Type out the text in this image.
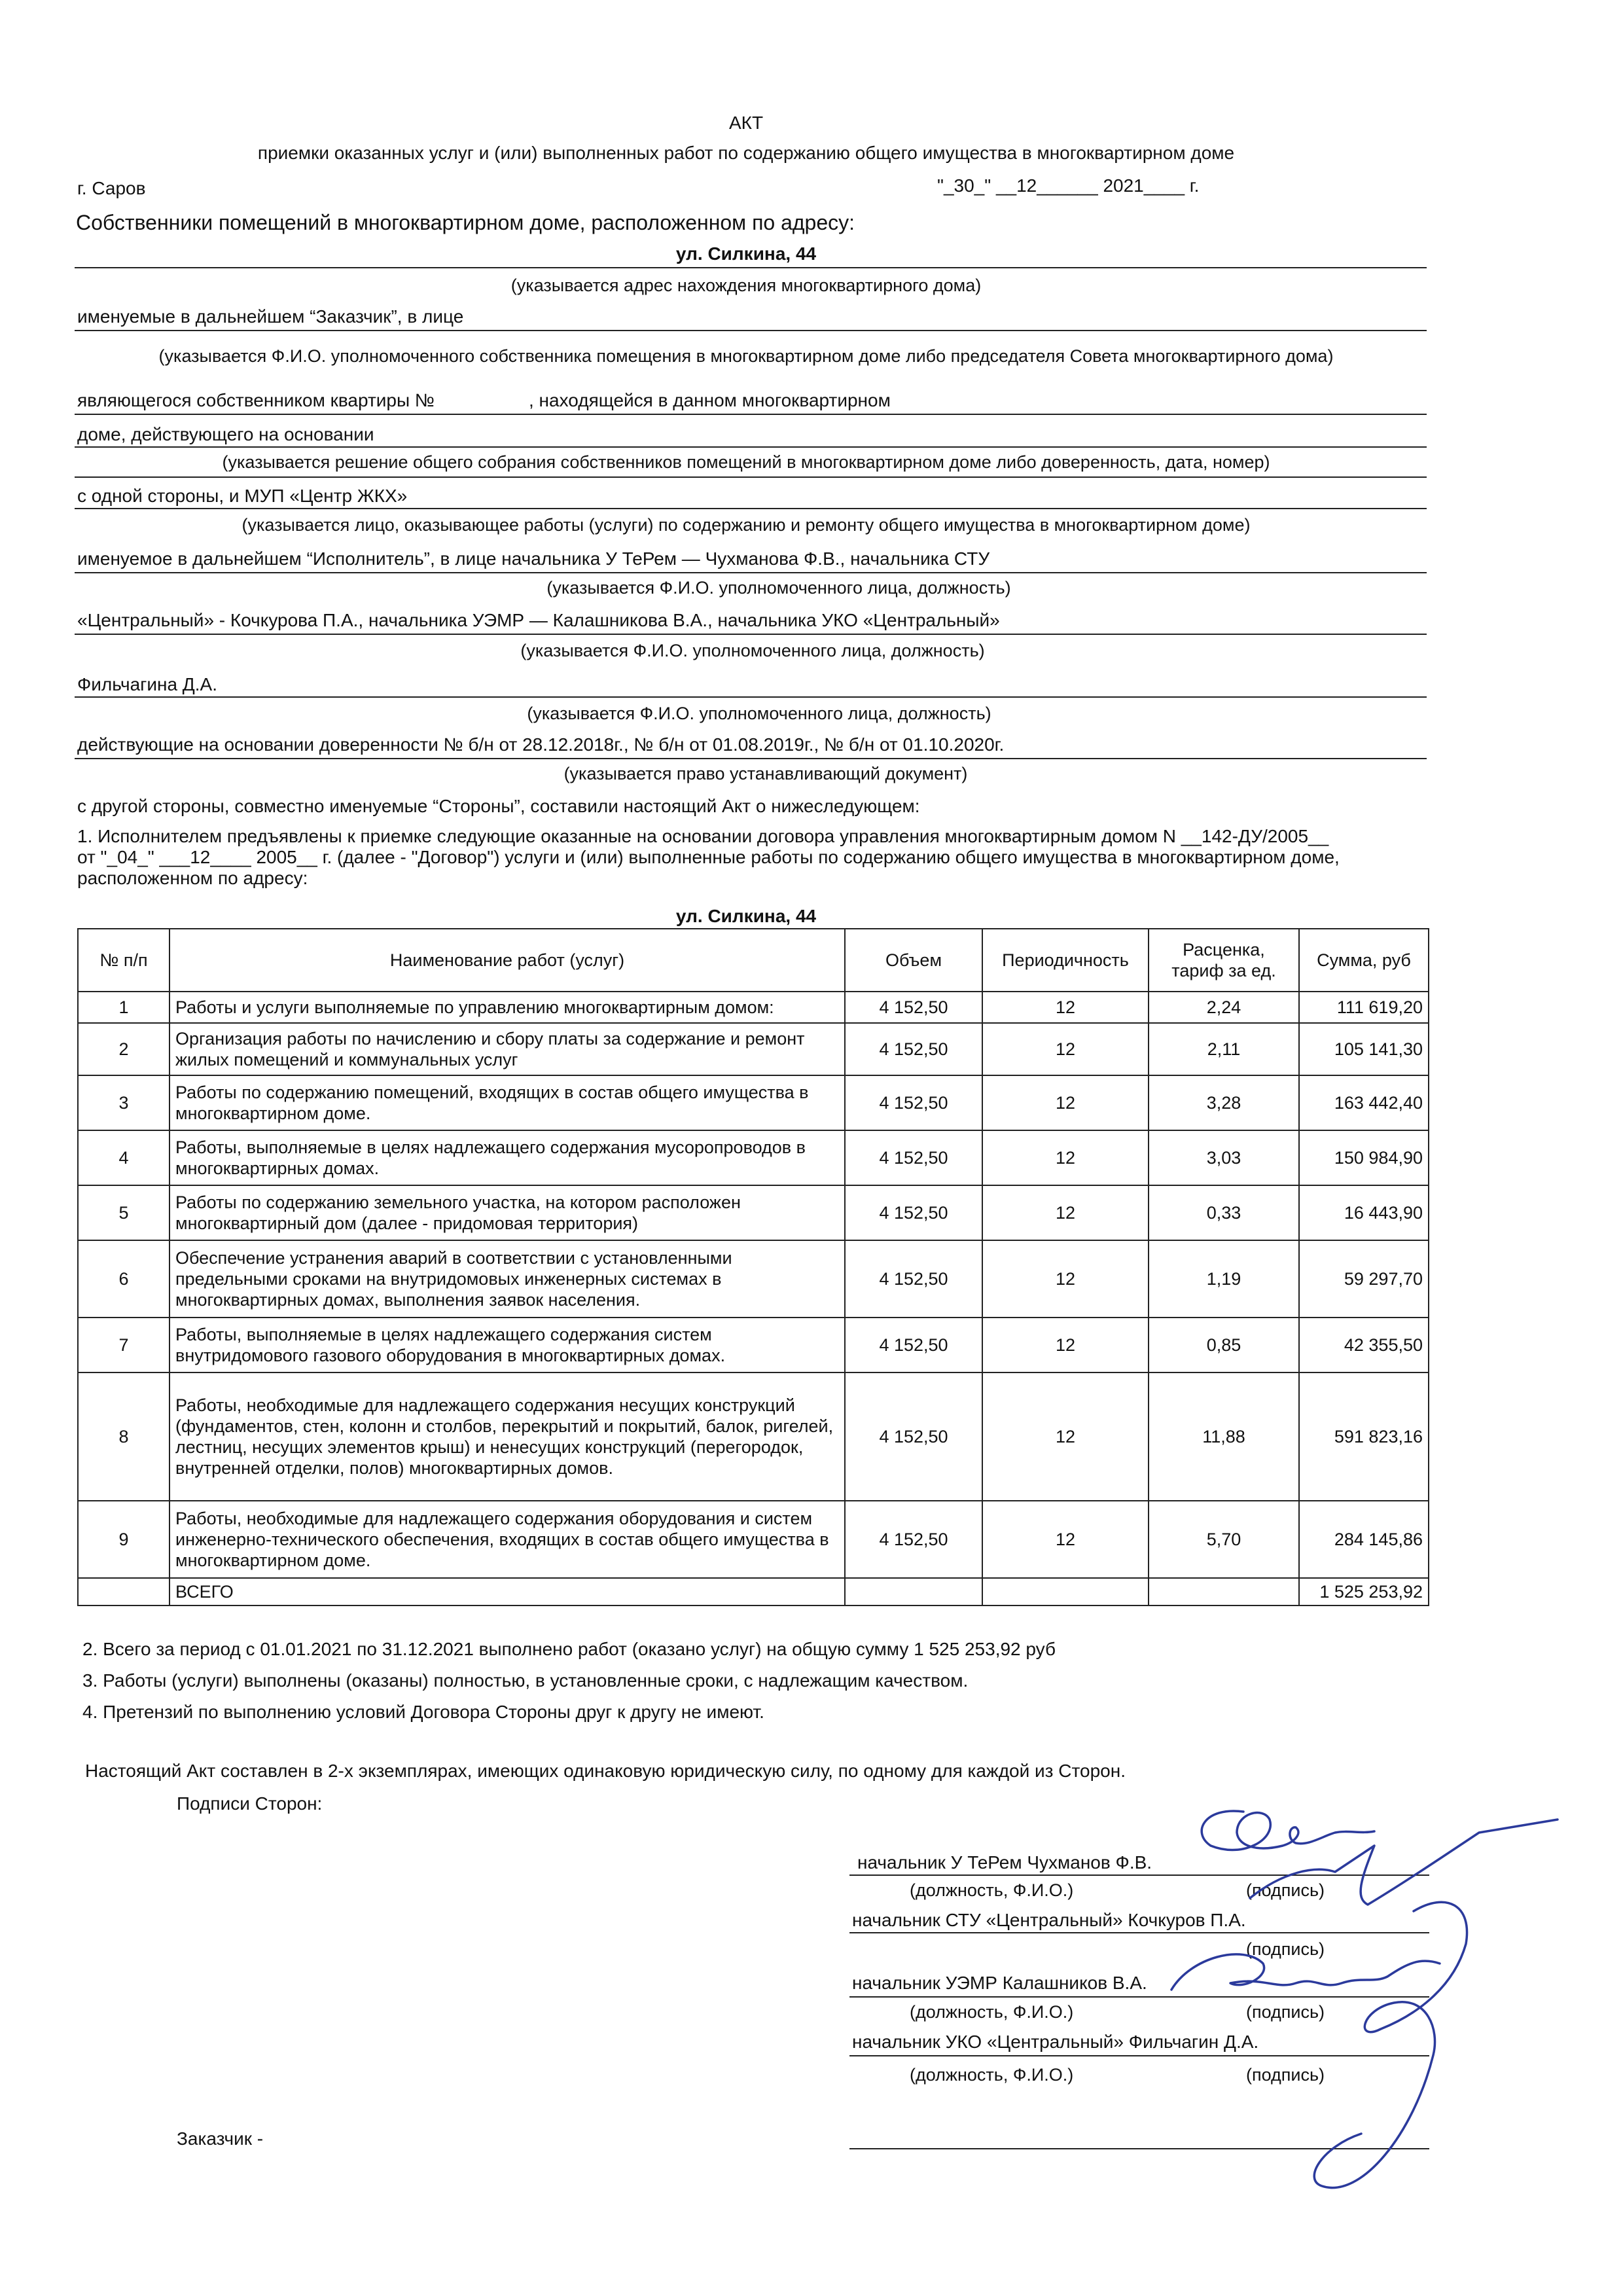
АКТ
приемки оказанных услуг и (или) выполненных работ по содержанию общего имущества в многоквартирном доме
г. Саров	"_30_" __12______ 2021____ г.
Собственники помещений в многоквартирном доме, расположенном по адресу:
ул. Силкина, 44
(указывается адрес нахождения многоквартирного дома)
именуемые в дальнейшем “Заказчик”, в лице
(указывается Ф.И.О. уполномоченного собственника помещения в многоквартирном доме либо председателя Совета многоквартирного дома)
являющегося собственником квартиры №	, находящейся в данном многоквартирном
доме, действующего на основании
(указывается решение общего собрания собственников помещений в многоквартирном доме либо доверенность, дата, номер)
с одной стороны, и МУП «Центр ЖКХ»
(указывается лицо, оказывающее работы (услуги) по содержанию и ремонту общего имущества в многоквартирном доме)
именуемое в дальнейшем “Исполнитель”, в лице начальника У ТеРем — Чухманова Ф.В., начальника СТУ
(указывается Ф.И.О. уполномоченного лица, должность)
«Центральный» - Кочкурова П.А., начальника УЭМР — Калашникова В.А., начальника УКО «Центральный»
(указывается Ф.И.О. уполномоченного лица, должность)
Фильчагина Д.А.
(указывается Ф.И.О. уполномоченного лица, должность)
действующие на основании доверенности № б/н от 28.12.2018г., № б/н от 01.08.2019г., № б/н от 01.10.2020г.
(указывается право устанавливающий документ)
с другой стороны, совместно именуемые “Стороны”, составили настоящий Акт о нижеследующем:
1. Исполнителем предъявлены к приемке следующие оказанные на основании договора управления многоквартирным домом N __142-ДУ/2005__
от "_04_" ___12____ 2005__ г. (далее - "Договор") услуги и (или) выполненные работы по содержанию общего имущества в многоквартирном доме,
расположенном по адресу:
ул. Силкина, 44
№ п/п	Наименование работ (услуг)	Объем	Периодичность	Расценка, тариф за ед.	Сумма, руб
1	Работы и услуги выполняемые по управлению многоквартирным домом:	4 152,50	12	2,24	111 619,20
2	Организация работы по начислению и сбору платы за содержание и ремонт жилых помещений и коммунальных услуг	4 152,50	12	2,11	105 141,30
3	Работы по содержанию помещений, входящих в состав общего имущества в многоквартирном доме.	4 152,50	12	3,28	163 442,40
4	Работы, выполняемые в целях надлежащего содержания мусоропроводов в многоквартирных домах.	4 152,50	12	3,03	150 984,90
5	Работы по содержанию земельного участка, на котором расположен многоквартирный дом (далее - придомовая территория)	4 152,50	12	0,33	16 443,90
6	Обеспечение устранения аварий в соответствии с установленными предельными сроками на внутридомовых инженерных системах в многоквартирных домах, выполнения заявок населения.	4 152,50	12	1,19	59 297,70
7	Работы, выполняемые в целях надлежащего содержания систем внутридомового газового оборудования в многоквартирных домах.	4 152,50	12	0,85	42 355,50
8	Работы, необходимые для надлежащего содержания несущих конструкций (фундаментов, стен, колонн и столбов, перекрытий и покрытий, балок, ригелей, лестниц, несущих элементов крыш) и ненесущих конструкций (перегородок, внутренней отделки, полов) многоквартирных домов.	4 152,50	12	11,88	591 823,16
9	Работы, необходимые для надлежащего содержания оборудования и систем инженерно-технического обеспечения, входящих в состав общего имущества в многоквартирном доме.	4 152,50	12	5,70	284 145,86
	ВСЕГО				1 525 253,92
2. Всего за период с 01.01.2021 по 31.12.2021 выполнено работ (оказано услуг) на общую сумму 1 525 253,92 руб
3. Работы (услуги) выполнены (оказаны) полностью, в установленные сроки, с надлежащим качеством.
4. Претензий по выполнению условий Договора Стороны друг к другу не имеют.
Настоящий Акт составлен в 2-х экземплярах, имеющих одинаковую юридическую силу, по одному для каждой из Сторон.
Подписи Сторон:
начальник У ТеРем Чухманов Ф.В.
(должность, Ф.И.О.)	(подпись)
начальник СТУ «Центральный» Кочкуров П.А.
(подпись)
начальник УЭМР Калашников В.А.
(должность, Ф.И.О.)	(подпись)
начальник УКО «Центральный» Фильчагин Д.А.
(должность, Ф.И.О.)	(подпись)
Заказчик -
